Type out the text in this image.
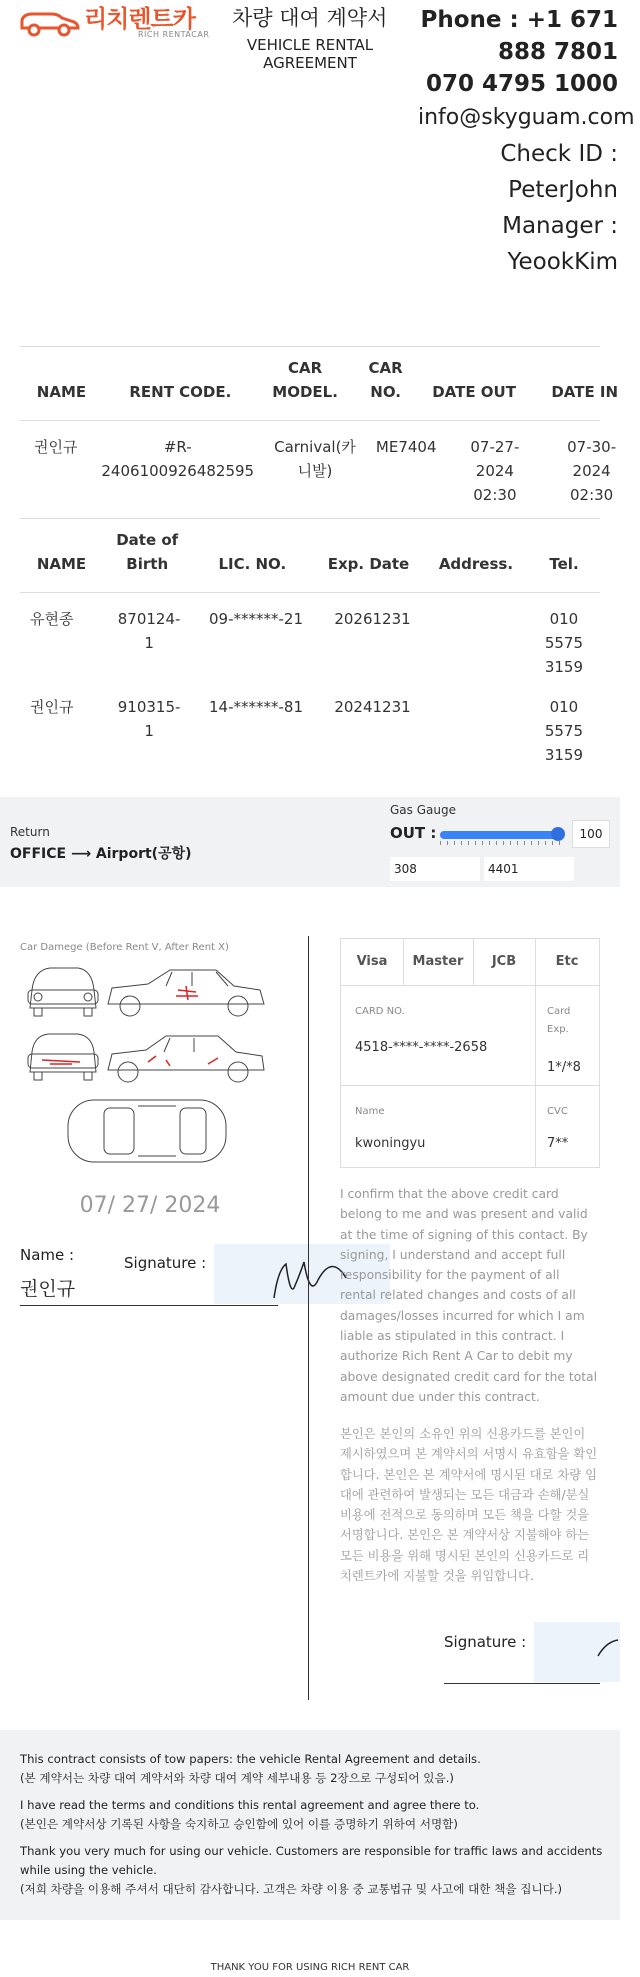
리치렌트카
RICH RENTACAR
차량 대여 계약서
VEHICLE RENTAL AGREEMENT
Phone : +1 671
888 7801
070 4795 1000
info@skyguam.com
Check ID :
PeterJohn
Manager :
YeookKim
NAME	RENT CODE.	CAR MODEL.	CAR NO.	DATE OUT	DATE IN
권인규	#R-2406100926482595	Carnival(카니발)	ME7404	07-27-2024 02:30	07-30-2024 02:30
NAME	Date of Birth	LIC. NO.	Exp. Date	Address.	Tel.
유현종	870124-1	09-******-21	20261231		010 5575 3159
권인규	910315-1	14-******-81	20241231		010 5575 3159
Return
OFFICE ⟶ Airport(공항)
Gas Gauge
OUT :	100
308	4401
Car Damege (Before Rent V, After Rent X)
07/ 27/ 2024
Name :
권인규
Signature :
Visa	Master	JCB	Etc
CARD NO.
4518-****-****-2658
Card
Exp.
1*/*8
Name
kwoningyu
CVC
7**
I confirm that the above credit card belong to me and was present and valid at the time of signing of this contact. By signing, I understand and accept full responsibility for the payment of all rental related changes and costs of all damages/losses incurred for which I am liable as stipulated in this contract. I authorize Rich Rent A Car to debit my above designated credit card for the total amount due under this contract.
본인은 본인의 소유인 위의 신용카드를 본인이 제시하였으며 본 계약서의 서명시 유효함을 확인합니다. 본인은 본 계약서에 명시된 대로 차량 임대에 관련하여 발생되는 모든 대금과 손해/분실비용에 전적으로 동의하며 모든 책을 다할 것을 서명합니다. 본인은 본 계약서상 지불해야 하는 모든 비용을 위해 명시된 본인의 신용카드로 리치렌트카에 지불할 것을 위임합니다.
Signature :

This contract consists of tow papers: the vehicle Rental Agreement and details.

(본 계약서는 차량 대여 계약서와 차량 대여 계약 세부내용 등 2장으로 구성되어 있음.)

I have read the terms and conditions this rental agreement and agree there to.

(본인은 계약서상 기록된 사항을 숙지하고 승인함에 있어 이를 증명하기 위하여 서명함)

Thank you very much for using our vehicle. Customers are responsible for traffic laws and accidents while using the vehicle.

(저희 차량을 이용해 주셔서 대단히 감사합니다. 고객은 차량 이용 중 교통법규 및 사고에 대한 책을 집니다.)

THANK YOU FOR USING RICH RENT CAR
